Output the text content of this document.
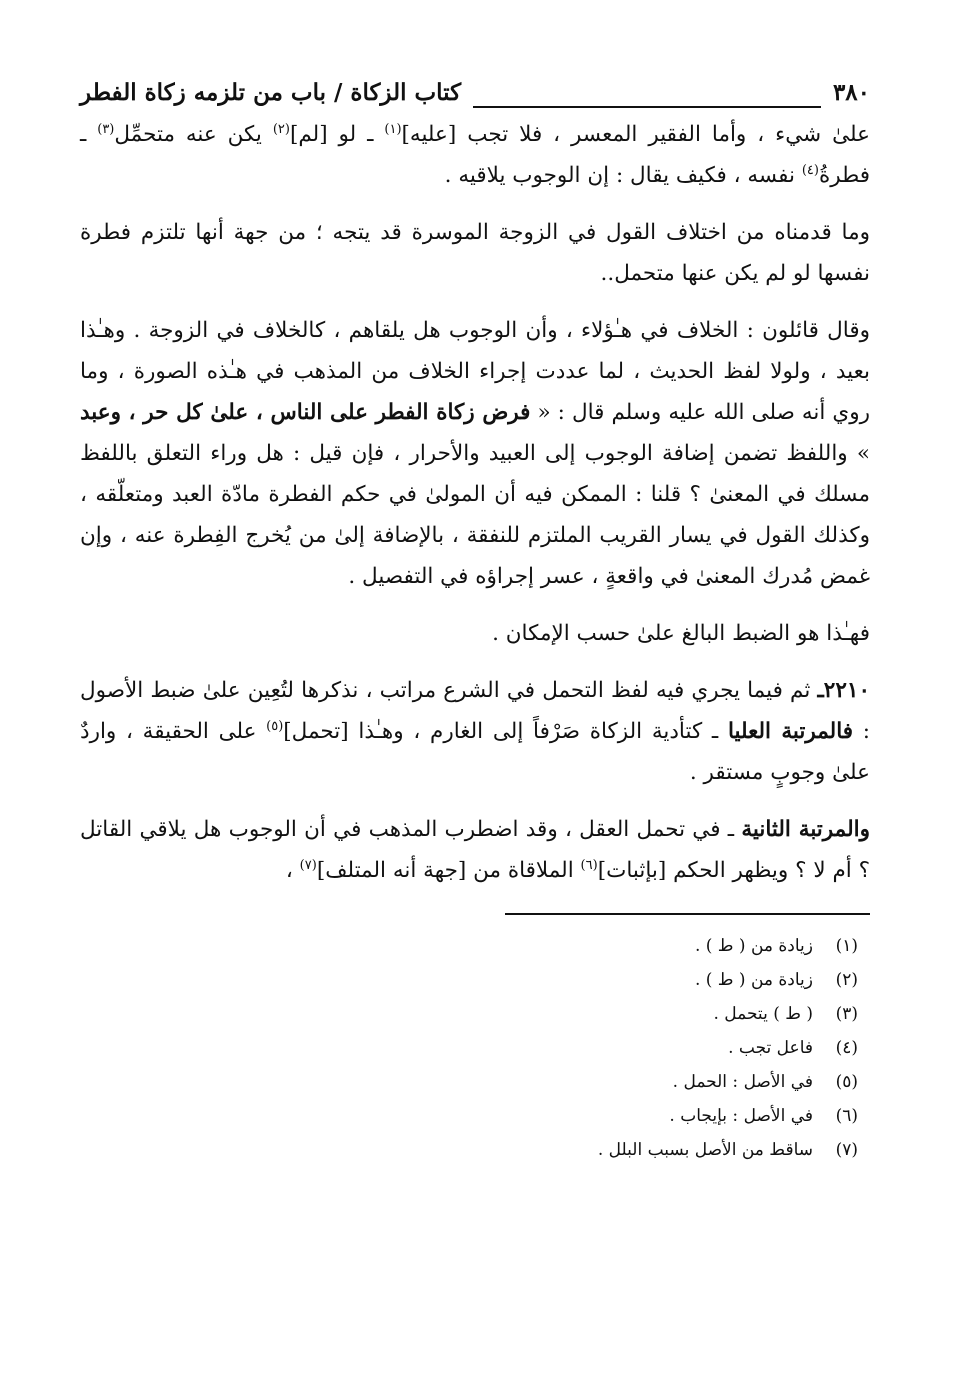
٣٨٠
كتاب الزكاة / باب من تلزمه زكاة الفطر

علىٰ شيء ، وأما الفقير المعسر ، فلا تجب [عليه]$^{(١)}$ ـ لو [لم]$^{(٢)}$ يكن عنه متحمِّل$^{(٣)}$ ـ فطرةُ$^{(٤)}$ نفسه ، فكيف يقال : إن الوجوب يلاقيه .

وما قدمناه من اختلاف القول في الزوجة الموسرة قد يتجه ؛ من جهة أنها تلتزم فطرة نفسها لو لم يكن عنها متحمل..

وقال قائلون : الخلاف في هـٰؤلاء ، وأن الوجوب هل يلقاهم ، كالخلاف في الزوجة . وهـٰذا بعيد ، ولولا لفظ الحديث ، لما عددت إجراء الخلاف من المذهب في هـٰذه الصورة ، وما روي أنه صلى الله عليه وسلم قال : « فرض زكاة الفطر على الناس ، علىٰ كل حر ، وعبد » واللفظ تضمن إضافة الوجوب إلى العبيد والأحرار ، فإن قيل : هل وراء التعلق باللفظ مسلك في المعنىٰ ؟ قلنا : الممكن فيه أن المولىٰ في حكم الفطرة مادّة العبد ومتعلّقه ، وكذلك القول في يسار القريب الملتزم للنفقة ، بالإضافة إلىٰ من يُخرج الفِطرة عنه ، وإن غمض مُدرك المعنىٰ في واقعةٍ ، عسر إجراؤه في التفصيل .

فهـٰذا هو الضبط البالغ علىٰ حسب الإمكان .

٢٢١٠ـ ثم فيما يجري فيه لفظ التحمل في الشرع مراتب ، نذكرها لتُعِين علىٰ ضبط الأصول : فالمرتبة العليا ـ كتأدية الزكاة صَرْفاً إلى الغارم ، وهـٰذا [تحمل]$^{(٥)}$ على الحقيقة ، واردٌ علىٰ وجوبٍ مستقر .

والمرتبة الثانية ـ في تحمل العقل ، وقد اضطرب المذهب في أن الوجوب هل يلاقي القاتل ؟ أم لا ؟ ويظهر الحكم [بإثبات]$^{(٦)}$ الملاقاة من [جهة أنه المتلف]$^{(٧)}$ ،

(١)
زيادة من ( ط ) .
(٢)
زيادة من ( ط ) .
(٣)
( ط ) يتحمل .
(٤)
فاعل تجب .
(٥)
في الأصل : الحمل .
(٦)
في الأصل : بإيجاب .
(٧)
ساقط من الأصل بسبب البلل .
